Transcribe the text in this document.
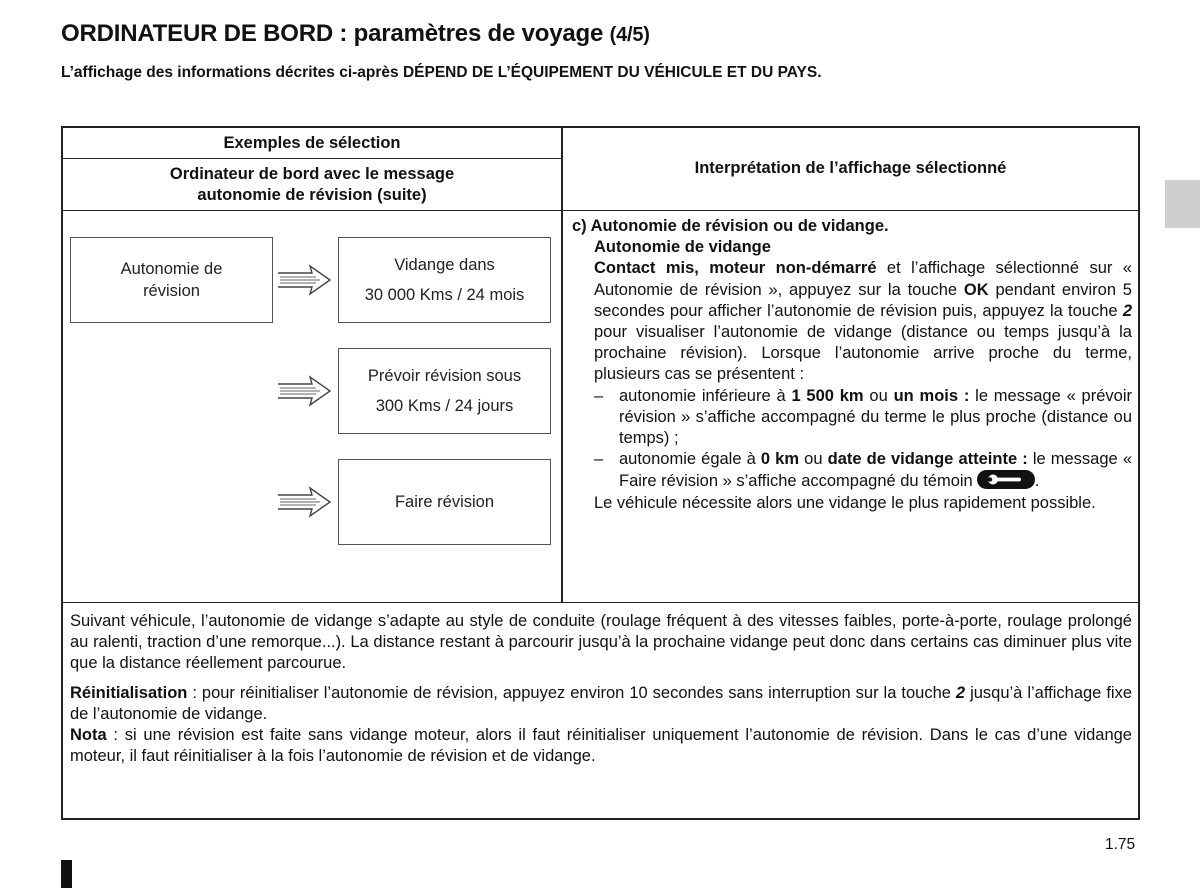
ORDINATEUR DE BORD : paramètres de voyage (4/5)
L’affichage des informations décrites ci-après DÉPEND DE L’ÉQUIPEMENT DU VÉHICULE ET DU PAYS.
Exemples de sélection
Ordinateur de bord avec le message
autonomie de révision (suite)
Interprétation de l’affichage sélectionné
Autonomie de
révision
Vidange dans
30 000 Kms / 24 mois
Prévoir révision sous
300 Kms / 24 jours
Faire révision

c) Autonomie de révision ou de vidange.

Autonomie de vidange

Contact mis, moteur non-démarré et l’affichage sélectionné sur « Autonomie de révision », appuyez sur la touche OK pendant environ 5 secondes pour afficher l’autonomie de révision puis, appuyez la touche 2 pour visualiser l’autonomie de vidange (distance ou temps jusqu’à la prochaine révision). Lorsque l’autonomie arrive proche du terme, plusieurs cas se présentent :

– autonomie inférieure à 1 500 km ou un mois : le message « prévoir révision » s’affiche accompagné du terme le plus proche (distance ou temps) ;

– autonomie égale à 0 km ou date de vidange atteinte : le message « Faire révision » s’affiche accompagné du témoin	.

Le véhicule nécessite alors une vidange le plus rapidement possible.

Suivant véhicule, l’autonomie de vidange s’adapte au style de conduite (roulage fréquent à des vitesses faibles, porte-à-porte, roulage prolongé au ralenti, traction d’une remorque...). La distance restant à parcourir jusqu’à la prochaine vidange peut donc dans certains cas diminuer plus vite que la distance réellement parcourue.

Réinitialisation : pour réinitialiser l’autonomie de révision, appuyez environ 10 secondes sans interruption sur la touche 2 jusqu’à l’affichage fixe de l’autonomie de vidange.

Nota : si une révision est faite sans vidange moteur, alors il faut réinitialiser uniquement l’autonomie de révision. Dans le cas d’une vidange moteur, il faut réinitialiser à la fois l’autonomie de révision et de vidange.

1.75
